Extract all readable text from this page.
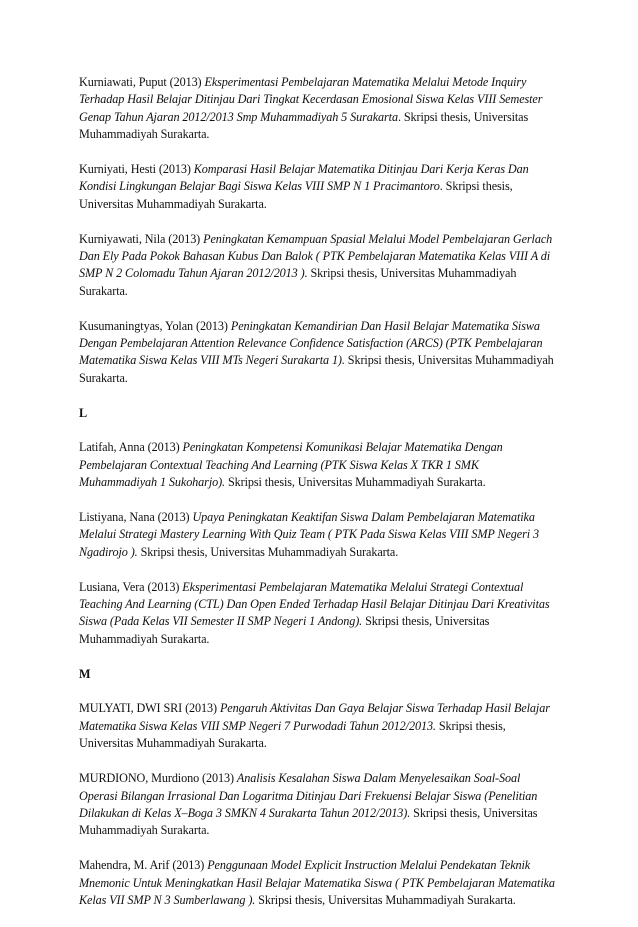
Kurniawati, Puput (2013) Eksperimentasi Pembelajaran Matematika Melalui Metode Inquiry Terhadap Hasil Belajar Ditinjau Dari Tingkat Kecerdasan Emosional Siswa Kelas VIII Semester Genap Tahun Ajaran 2012/2013 Smp Muhammadiyah 5 Surakarta. Skripsi thesis, Universitas Muhammadiyah Surakarta.

Kurniyati, Hesti (2013) Komparasi Hasil Belajar Matematika Ditinjau Dari Kerja Keras Dan Kondisi Lingkungan Belajar Bagi Siswa Kelas VIII SMP N 1 Pracimantoro. Skripsi thesis, Universitas Muhammadiyah Surakarta.

Kurniyawati, Nila (2013) Peningkatan Kemampuan Spasial Melalui Model Pembelajaran Gerlach Dan Ely Pada Pokok Bahasan Kubus Dan Balok ( PTK Pembelajaran Matematika Kelas VIII A di SMP N 2 Colomadu Tahun Ajaran 2012/2013 ). Skripsi thesis, Universitas Muhammadiyah Surakarta.

Kusumaningtyas, Yolan (2013) Peningkatan Kemandirian Dan Hasil Belajar Matematika Siswa Dengan Pembelajaran Attention Relevance Confidence Satisfaction (ARCS) (PTK Pembelajaran Matematika Siswa Kelas VIII MTs Negeri Surakarta 1). Skripsi thesis, Universitas Muhammadiyah Surakarta.

L

Latifah, Anna (2013) Peningkatan Kompetensi Komunikasi Belajar Matematika Dengan Pembelajaran Contextual Teaching And Learning (PTK Siswa Kelas X TKR 1 SMK Muhammadiyah 1 Sukoharjo). Skripsi thesis, Universitas Muhammadiyah Surakarta.

Listiyana, Nana (2013) Upaya Peningkatan Keaktifan Siswa Dalam Pembelajaran Matematika Melalui Strategi Mastery Learning With Quiz Team ( PTK Pada Siswa Kelas VIII SMP Negeri 3 Ngadirojo ). Skripsi thesis, Universitas Muhammadiyah Surakarta.

Lusiana, Vera (2013) Eksperimentasi Pembelajaran Matematika Melalui Strategi Contextual Teaching And Learning (CTL) Dan Open Ended Terhadap Hasil Belajar Ditinjau Dari Kreativitas Siswa (Pada Kelas VII Semester II SMP Negeri 1 Andong). Skripsi thesis, Universitas Muhammadiyah Surakarta.

M

MULYATI, DWI SRI (2013) Pengaruh Aktivitas Dan Gaya Belajar Siswa Terhadap Hasil Belajar Matematika Siswa Kelas VIII SMP Negeri 7 Purwodadi Tahun 2012/2013. Skripsi thesis, Universitas Muhammadiyah Surakarta.

MURDIONO, Murdiono (2013) Analisis Kesalahan Siswa Dalam Menyelesaikan Soal-Soal Operasi Bilangan Irrasional Dan Logaritma Ditinjau Dari Frekuensi Belajar Siswa (Penelitian Dilakukan di Kelas X–Boga 3 SMKN 4 Surakarta Tahun 2012/2013). Skripsi thesis, Universitas Muhammadiyah Surakarta.

Mahendra, M. Arif (2013) Penggunaan Model Explicit Instruction Melalui Pendekatan Teknik Mnemonic Untuk Meningkatkan Hasil Belajar Matematika Siswa ( PTK Pembelajaran Matematika Kelas VII SMP N 3 Sumberlawang ). Skripsi thesis, Universitas Muhammadiyah Surakarta.
